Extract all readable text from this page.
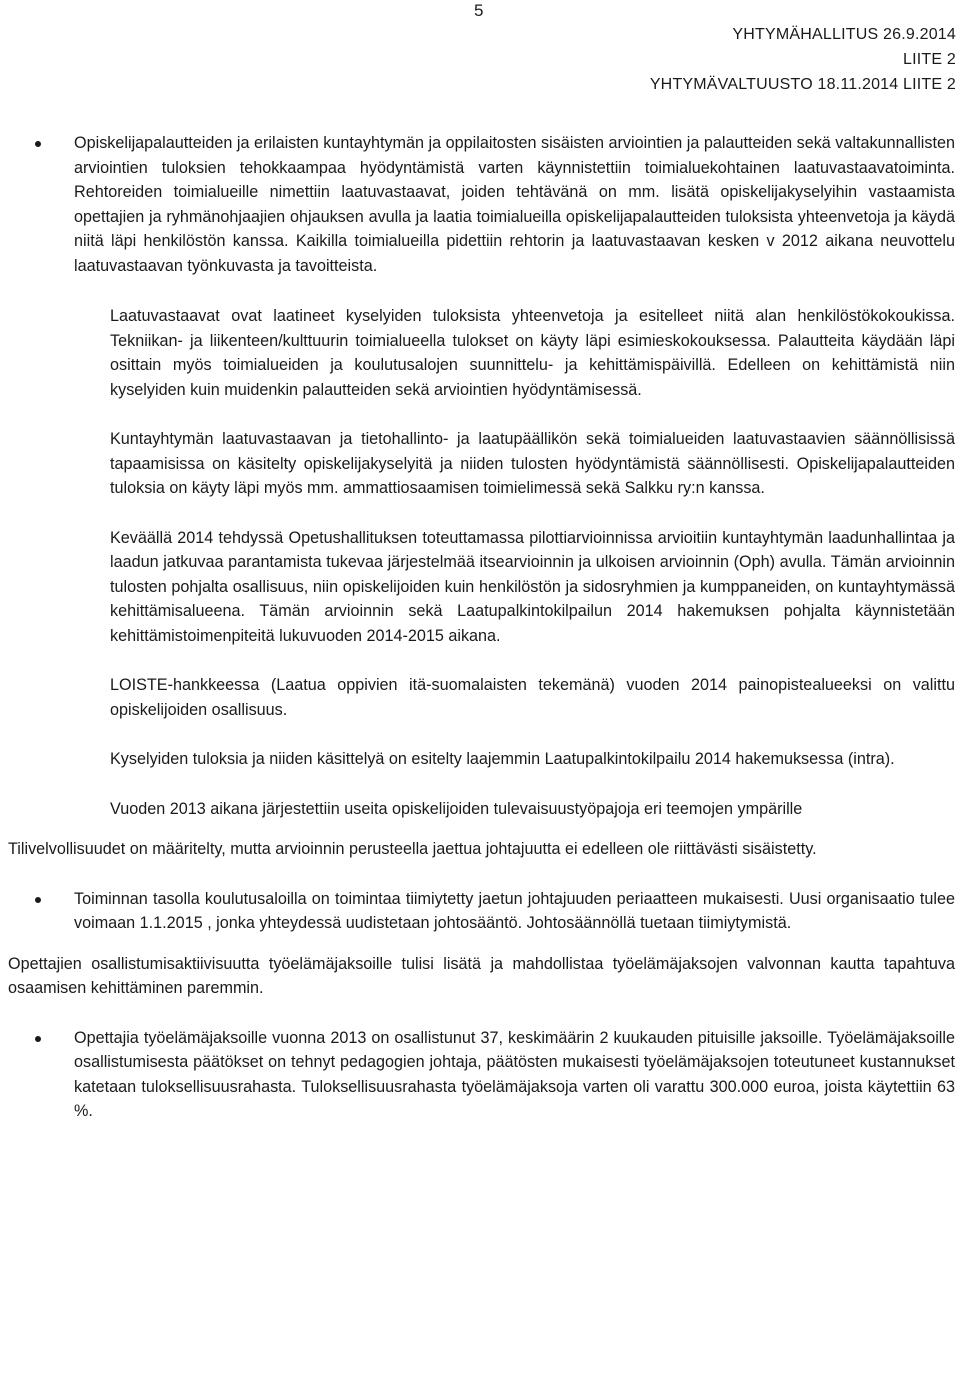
5
YHTYMÄHALLITUS 26.9.2014
LIITE 2
YHTYMÄVALTUUSTO 18.11.2014 LIITE 2

Opiskelijapalautteiden ja erilaisten kuntayhtymän ja oppilaitosten sisäisten arviointien ja palautteiden sekä valtakunnallisten arviointien tuloksien tehokkaampaa hyödyntämistä varten käynnistettiin toimialuekohtainen laatuvastaavatoiminta. Rehtoreiden toimialueille nimettiin laatuvastaavat, joiden tehtävänä on mm. lisätä opiskelijakyselyihin vastaamista opettajien ja ryhmänohjaajien ohjauksen avulla ja laatia toimialueilla opiskelijapalautteiden tuloksista yhteenvetoja ja käydä niitä läpi henkilöstön kanssa. Kaikilla toimialueilla pidettiin rehtorin ja laatuvastaavan kesken v 2012 aikana neuvottelu laatuvastaavan työnkuvasta ja tavoitteista.

Laatuvastaavat ovat laatineet kyselyiden tuloksista yhteenvetoja ja esitelleet niitä alan henkilöstökokoukissa. Tekniikan- ja liikenteen/kulttuurin toimialueella tulokset on käyty läpi esimieskokouksessa. Palautteita käydään läpi osittain myös toimialueiden ja koulutusalojen suunnittelu- ja kehittämispäivillä. Edelleen on kehittämistä niin kyselyiden kuin muidenkin palautteiden sekä arviointien hyödyntämisessä.

Kuntayhtymän laatuvastaavan ja tietohallinto- ja laatupäällikön sekä toimialueiden laatuvastaavien säännöllisissä tapaamisissa on käsitelty opiskelijakyselyitä ja niiden tulosten hyödyntämistä säännöllisesti. Opiskelijapalautteiden tuloksia on käyty läpi myös mm. ammattiosaamisen toimielimessä sekä Salkku ry:n kanssa.

Keväällä 2014 tehdyssä Opetushallituksen toteuttamassa pilottiarvioinnissa arvioitiin kuntayhtymän laadunhallintaa ja laadun jatkuvaa parantamista tukevaa järjestelmää itsearvioinnin ja ulkoisen arvioinnin (Oph) avulla. Tämän arvioinnin tulosten pohjalta osallisuus, niin opiskelijoiden kuin henkilöstön ja sidosryhmien ja kumppaneiden, on kuntayhtymässä kehittämisalueena. Tämän arvioinnin sekä Laatupalkintokilpailun 2014 hakemuksen pohjalta käynnistetään kehittämistoimenpiteitä lukuvuoden 2014-2015 aikana.

LOISTE-hankkeessa (Laatua oppivien itä-suomalaisten tekemänä) vuoden 2014 painopistealueeksi on valittu opiskelijoiden osallisuus.

Kyselyiden tuloksia ja niiden käsittelyä on esitelty laajemmin Laatupalkintokilpailu 2014 hakemuksessa (intra).

Vuoden 2013 aikana järjestettiin useita opiskelijoiden tulevaisuustyöpajoja eri teemojen ympärille

Tilivelvollisuudet on määritelty, mutta arvioinnin perusteella jaettua johtajuutta ei edelleen ole riittävästi sisäistetty.

Toiminnan tasolla koulutusaloilla on toimintaa tiimiytetty jaetun johtajuuden periaatteen mukaisesti. Uusi organisaatio tulee voimaan 1.1.2015 , jonka yhteydessä uudistetaan johtosääntö. Johtosäännöllä tuetaan tiimiytymistä.

Opettajien osallistumisaktiivisuutta työelämäjaksoille tulisi lisätä ja mahdollistaa työelämäjaksojen valvonnan kautta tapahtuva osaamisen kehittäminen paremmin.

Opettajia työelämäjaksoille vuonna 2013 on osallistunut 37, keskimäärin 2 kuukauden pituisille jaksoille. Työelämäjaksoille osallistumisesta päätökset on tehnyt pedagogien johtaja, päätösten mukaisesti työelämäjaksojen toteutuneet kustannukset katetaan tuloksellisuusrahasta. Tuloksellisuusrahasta työelämäjaksoja varten oli varattu 300.000 euroa, joista käytettiin 63 %.
